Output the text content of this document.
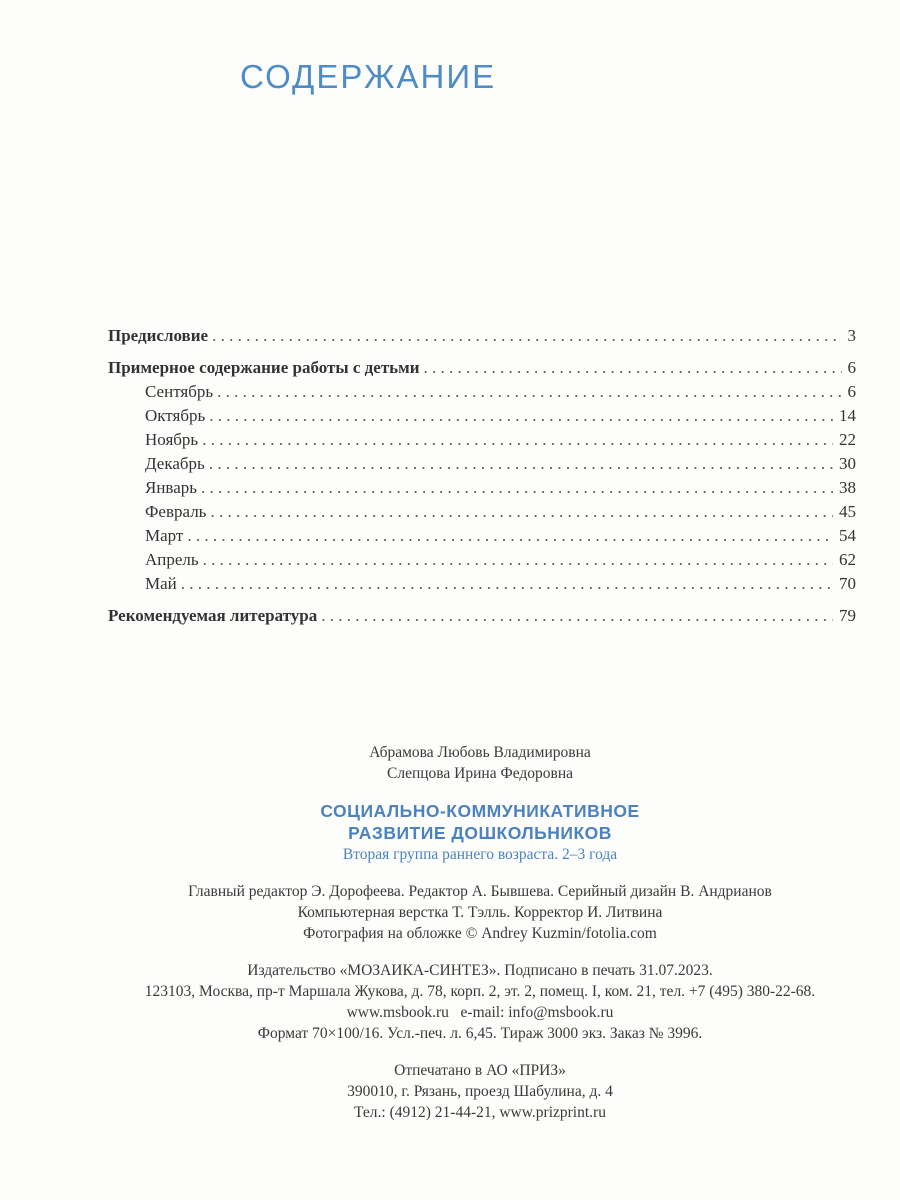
СОДЕРЖАНИЕ
Предисловие . . .	3
Примерное содержание работы с детьми . . .	6
Сентябрь . . .	6
Октябрь . . .	14
Ноябрь . . .	22
Декабрь . . .	30
Январь . . .	38
Февраль . . .	45
Март . . .	54
Апрель . . .	62
Май . . .	70
Рекомендуемая литература . . .	79
Абрамова Любовь Владимировна
Слепцова Ирина Федоровна
СОЦИАЛЬНО-КОММУНИКАТИВНОЕ
РАЗВИТИЕ ДОШКОЛЬНИКОВ
Вторая группа раннего возраста. 2–3 года
Главный редактор Э. Дорофеева. Редактор А. Бывшева. Серийный дизайн В. Андрианов
Компьютерная верстка Т. Тэлль. Корректор И. Литвина
Фотография на обложке © Andrey Kuzmin/fotolia.com
Издательство «МОЗАИКА-СИНТЕЗ». Подписано в печать 31.07.2023.
123103, Москва, пр-т Маршала Жукова, д. 78, корп. 2, эт. 2, помещ. I, ком. 21, тел. +7 (495) 380-22-68.
www.msbook.ru   e-mail: info@msbook.ru
Формат 70×100/16. Усл.-печ. л. 6,45. Тираж 3000 экз. Заказ № 3996.
Отпечатано в АО «ПРИЗ»
390010, г. Рязань, проезд Шабулина, д. 4
Тел.: (4912) 21-44-21, www.prizprint.ru
